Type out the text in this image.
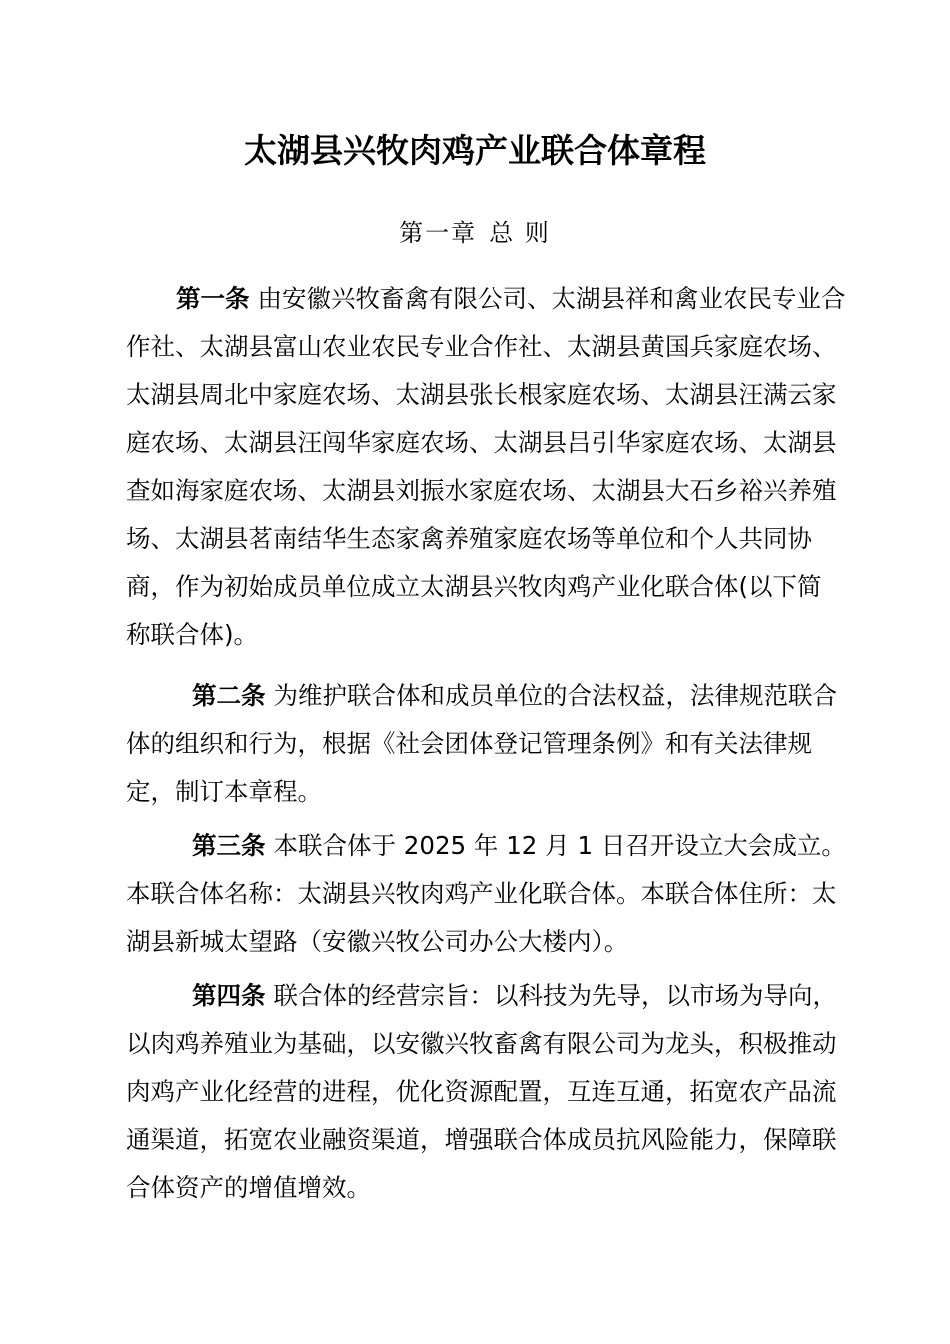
太湖县兴牧肉鸡产业联合体章程

第一章 总 则

第一条 由安徽兴牧畜禽有限公司、太湖县祥和禽业农民专业合作社、太湖县富山农业农民专业合作社、太湖县黄国兵家庭农场、太湖县周北中家庭农场、太湖县张长根家庭农场、太湖县汪满云家庭农场、太湖县汪闯华家庭农场、太湖县吕引华家庭农场、太湖县查如海家庭农场、太湖县刘振水家庭农场、太湖县大石乡裕兴养殖场、太湖县茗南结华生态家禽养殖家庭农场等单位和个人共同协商，作为初始成员单位成立太湖县兴牧肉鸡产业化联合体(以下简称联合体)。

第二条 为维护联合体和成员单位的合法权益，法律规范联合体的组织和行为，根据《社会团体登记管理条例》和有关法律规定，制订本章程。

第三条 本联合体于 2025 年 12 月 1 日召开设立大会成立。本联合体名称：太湖县兴牧肉鸡产业化联合体。本联合体住所：太湖县新城太望路（安徽兴牧公司办公大楼内）。

第四条 联合体的经营宗旨：以科技为先导，以市场为导向，以肉鸡养殖业为基础，以安徽兴牧畜禽有限公司为龙头，积极推动肉鸡产业化经营的进程，优化资源配置，互连互通，拓宽农产品流通渠道，拓宽农业融资渠道，增强联合体成员抗风险能力，保障联合体资产的增值增效。
